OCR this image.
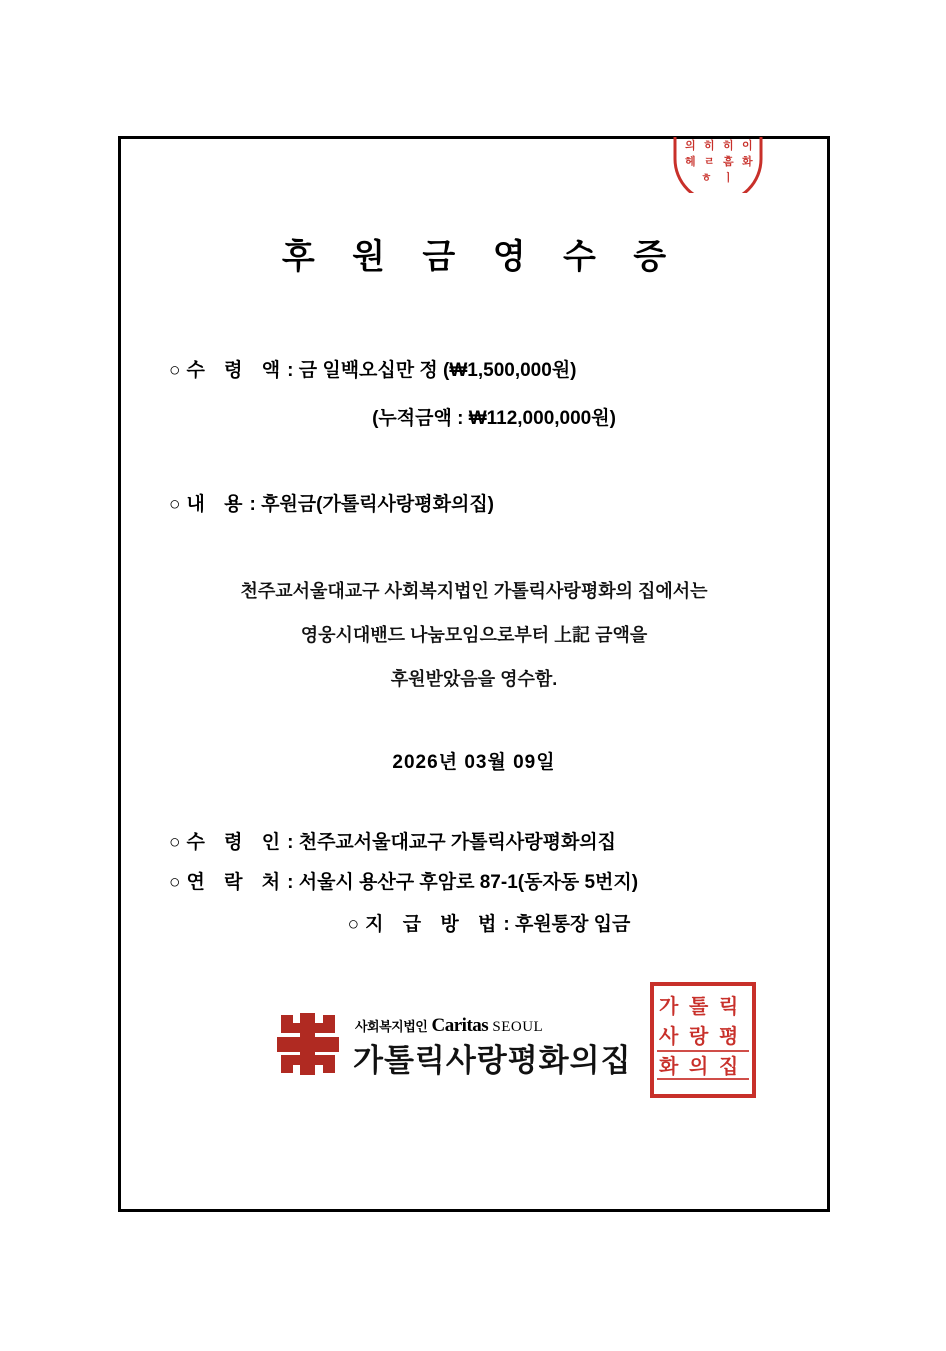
의 히 히 이
헤 ㄹ 흠 화
ㅎ ㅣ
후 원 금 영 수 증
○ 수 령 액: 금 일백오십만 정 (₩1,500,000원)
(누적금액 : ₩112,000,000원)
○ 내 용: 후원금(가톨릭사랑평화의집)
천주교서울대교구 사회복지법인 가톨릭사랑평화의 집에서는
영웅시대밴드 나눔모임으로부터 上記 금액을
후원받았음을 영수함.
2026년 03월 09일
○ 수 령 인: 천주교서울대교구 가톨릭사랑평화의집
○ 연 락 처: 서울시 용산구 후암로 87-1(동자동 5번지)
○ 지 급 방 법: 후원통장 입금
사회복지법인 Caritas SEOUL
가톨릭사랑평화의집
가 톨 릭
사 랑 평
화 의 집
